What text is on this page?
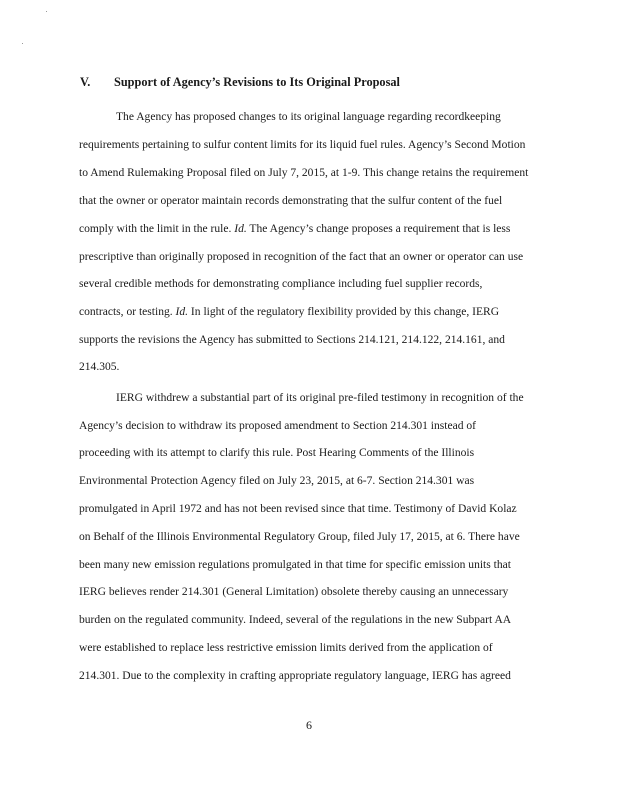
V. Support of Agency’s Revisions to Its Original Proposal
The Agency has proposed changes to its original language regarding recordkeeping
requirements pertaining to sulfur content limits for its liquid fuel rules. Agency’s Second Motion
to Amend Rulemaking Proposal filed on July 7, 2015, at 1-9. This change retains the requirement
that the owner or operator maintain records demonstrating that the sulfur content of the fuel
comply with the limit in the rule. Id. The Agency’s change proposes a requirement that is less
prescriptive than originally proposed in recognition of the fact that an owner or operator can use
several credible methods for demonstrating compliance including fuel supplier records,
contracts, or testing. Id. In light of the regulatory flexibility provided by this change, IERG
supports the revisions the Agency has submitted to Sections 214.121, 214.122, 214.161, and
214.305.
IERG withdrew a substantial part of its original pre-filed testimony in recognition of the
Agency’s decision to withdraw its proposed amendment to Section 214.301 instead of
proceeding with its attempt to clarify this rule. Post Hearing Comments of the Illinois
Environmental Protection Agency filed on July 23, 2015, at 6-7. Section 214.301 was
promulgated in April 1972 and has not been revised since that time. Testimony of David Kolaz
on Behalf of the Illinois Environmental Regulatory Group, filed July 17, 2015, at 6. There have
been many new emission regulations promulgated in that time for specific emission units that
IERG believes render 214.301 (General Limitation) obsolete thereby causing an unnecessary
burden on the regulated community. Indeed, several of the regulations in the new Subpart AA
were established to replace less restrictive emission limits derived from the application of
214.301. Due to the complexity in crafting appropriate regulatory language, IERG has agreed
6
